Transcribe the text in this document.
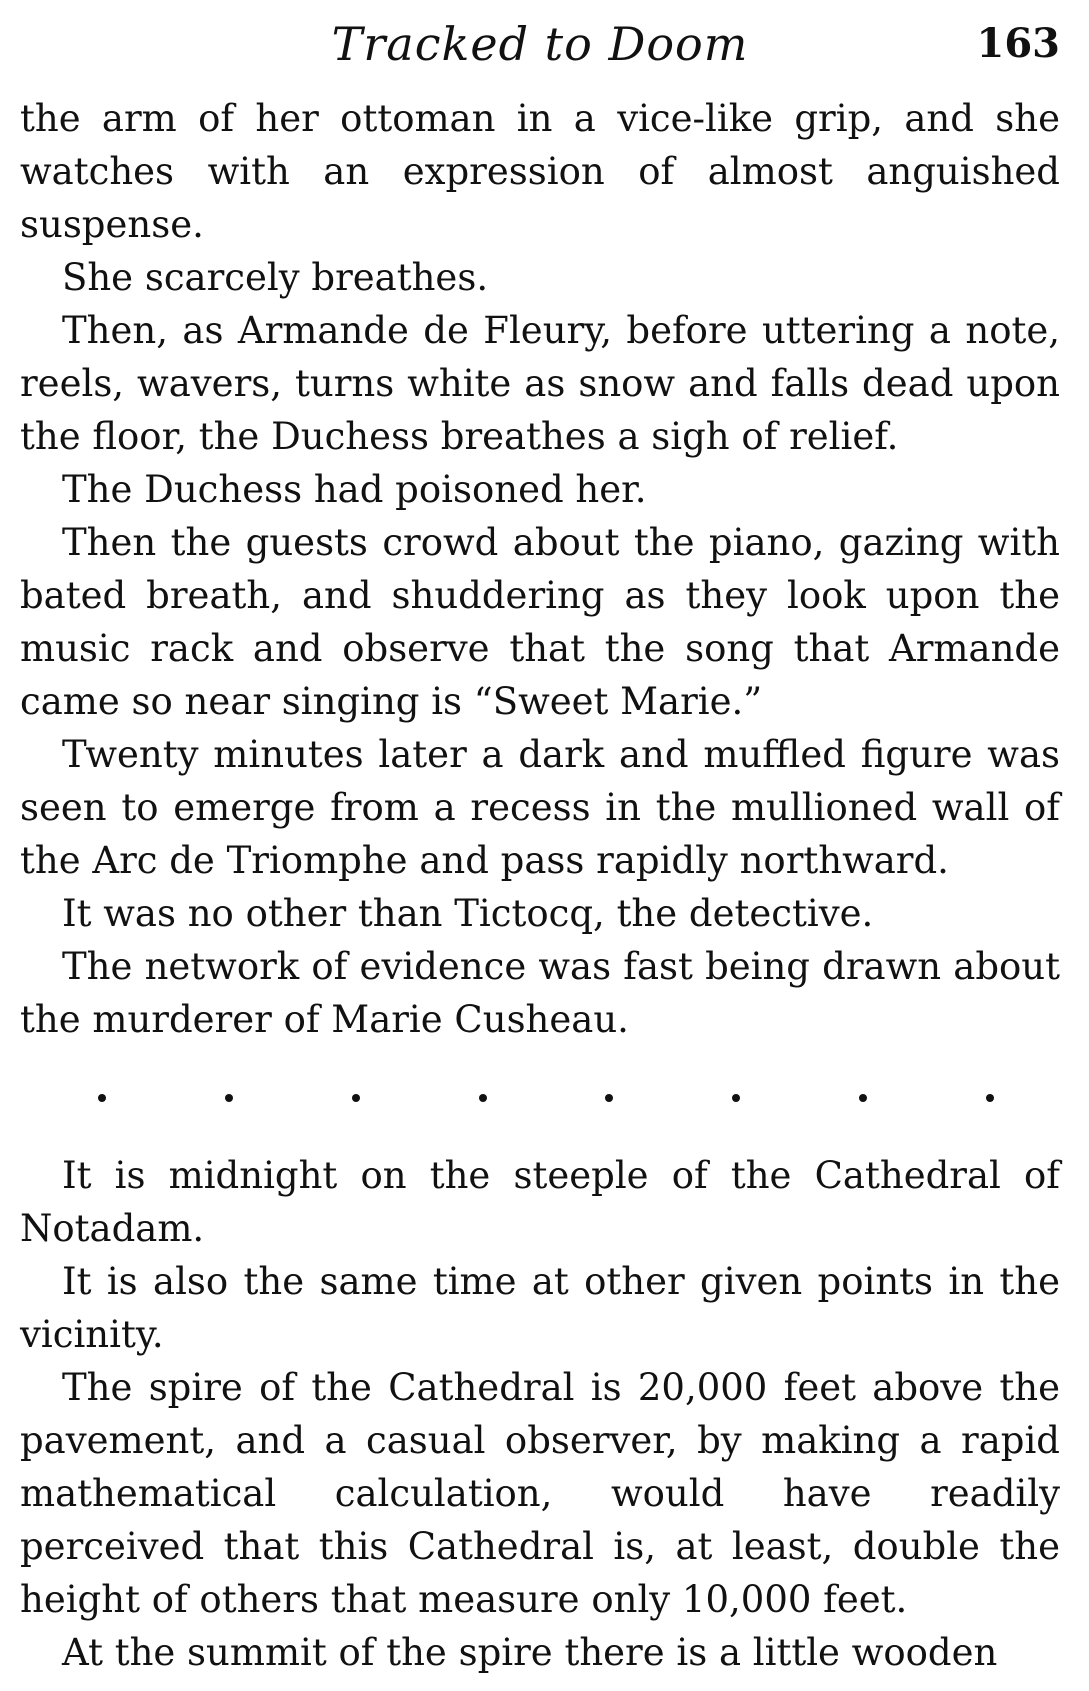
Tracked to Doom	163

the arm of her ottoman in a vice-like grip, and she watches with an expression of almost anguished suspense.

She scarcely breathes.

Then, as Armande de Fleury, before uttering a note, reels, wavers, turns white as snow and falls dead upon the floor, the Duchess breathes a sigh of relief.

The Duchess had poisoned her.

Then the guests crowd about the piano, gazing with bated breath, and shuddering as they look upon the music rack and observe that the song that Armande came so near singing is “Sweet Marie.”

Twenty minutes later a dark and muffled figure was seen to emerge from a recess in the mullioned wall of the Arc de Triomphe and pass rapidly northward.

It was no other than Tictocq, the detective.

The network of evidence was fast being drawn about the murderer of Marie Cusheau.

It is midnight on the steeple of the Cathedral of Notadam.

It is also the same time at other given points in the vicinity.

The spire of the Cathedral is 20,000 feet above the pavement, and a casual observer, by making a rapid mathematical calculation, would have readily perceived that this Cathedral is, at least, double the height of others that measure only 10,000 feet.

At the summit of the spire there is a little wooden
